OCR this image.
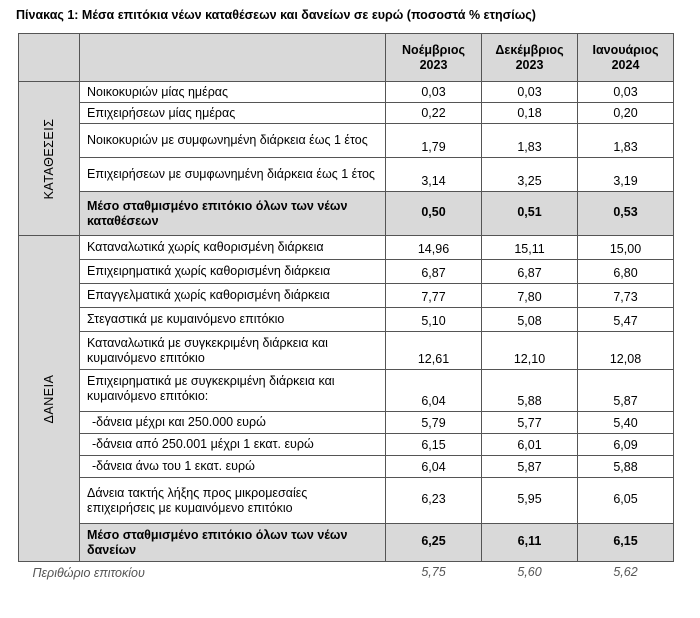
Πίνακας 1: Μέσα επιτόκια νέων καταθέσεων και δανείων σε ευρώ (ποσοστά % ετησίως)
		Νοέμβριος
2023	Δεκέμβριος
2023	Ιανουάριος
2024

ΚΑΤΑΘΕΣΕΙΣ	Νοικοκυριών μίας ημέρας	0,03	0,03	0,03
	Επιχειρήσεων μίας ημέρας	0,22	0,18	0,20
	Νοικοκυριών με συμφωνημένη διάρκεια έως 1 έτος	1,79	1,83	1,83
	Επιχειρήσεων με συμφωνημένη διάρκεια έως 1 έτος	3,14	3,25	3,19
	Μέσο σταθμισμένο επιτόκιο όλων των νέων καταθέσεων	0,50	0,51	0,53

ΔΑΝΕΙΑ	Καταναλωτικά χωρίς καθορισμένη διάρκεια	14,96	15,11	15,00
	Επιχειρηματικά χωρίς καθορισμένη διάρκεια	6,87	6,87	6,80
	Επαγγελματικά χωρίς καθορισμένη διάρκεια	7,77	7,80	7,73
	Στεγαστικά με κυμαινόμενο επιτόκιο	5,10	5,08	5,47
	Καταναλωτικά με συγκεκριμένη διάρκεια και κυμαινόμενο επιτόκιο	12,61	12,10	12,08
	Επιχειρηματικά με συγκεκριμένη διάρκεια και κυμαινόμενο επιτόκιο:	6,04	5,88	5,87
	-δάνεια μέχρι και 250.000 ευρώ	5,79	5,77	5,40
	-δάνεια από 250.001 μέχρι 1 εκατ. ευρώ	6,15	6,01	6,09
	-δάνεια άνω του 1 εκατ. ευρώ	6,04	5,87	5,88
	Δάνεια τακτής λήξης προς μικρομεσαίες επιχειρήσεις με κυμαινόμενο επιτόκιο	6,23	5,95	6,05
	Μέσο σταθμισμένο επιτόκιο όλων των νέων δανείων	6,25	6,11	6,15
Περιθώριο επιτοκίου		5,75	5,60	5,62
